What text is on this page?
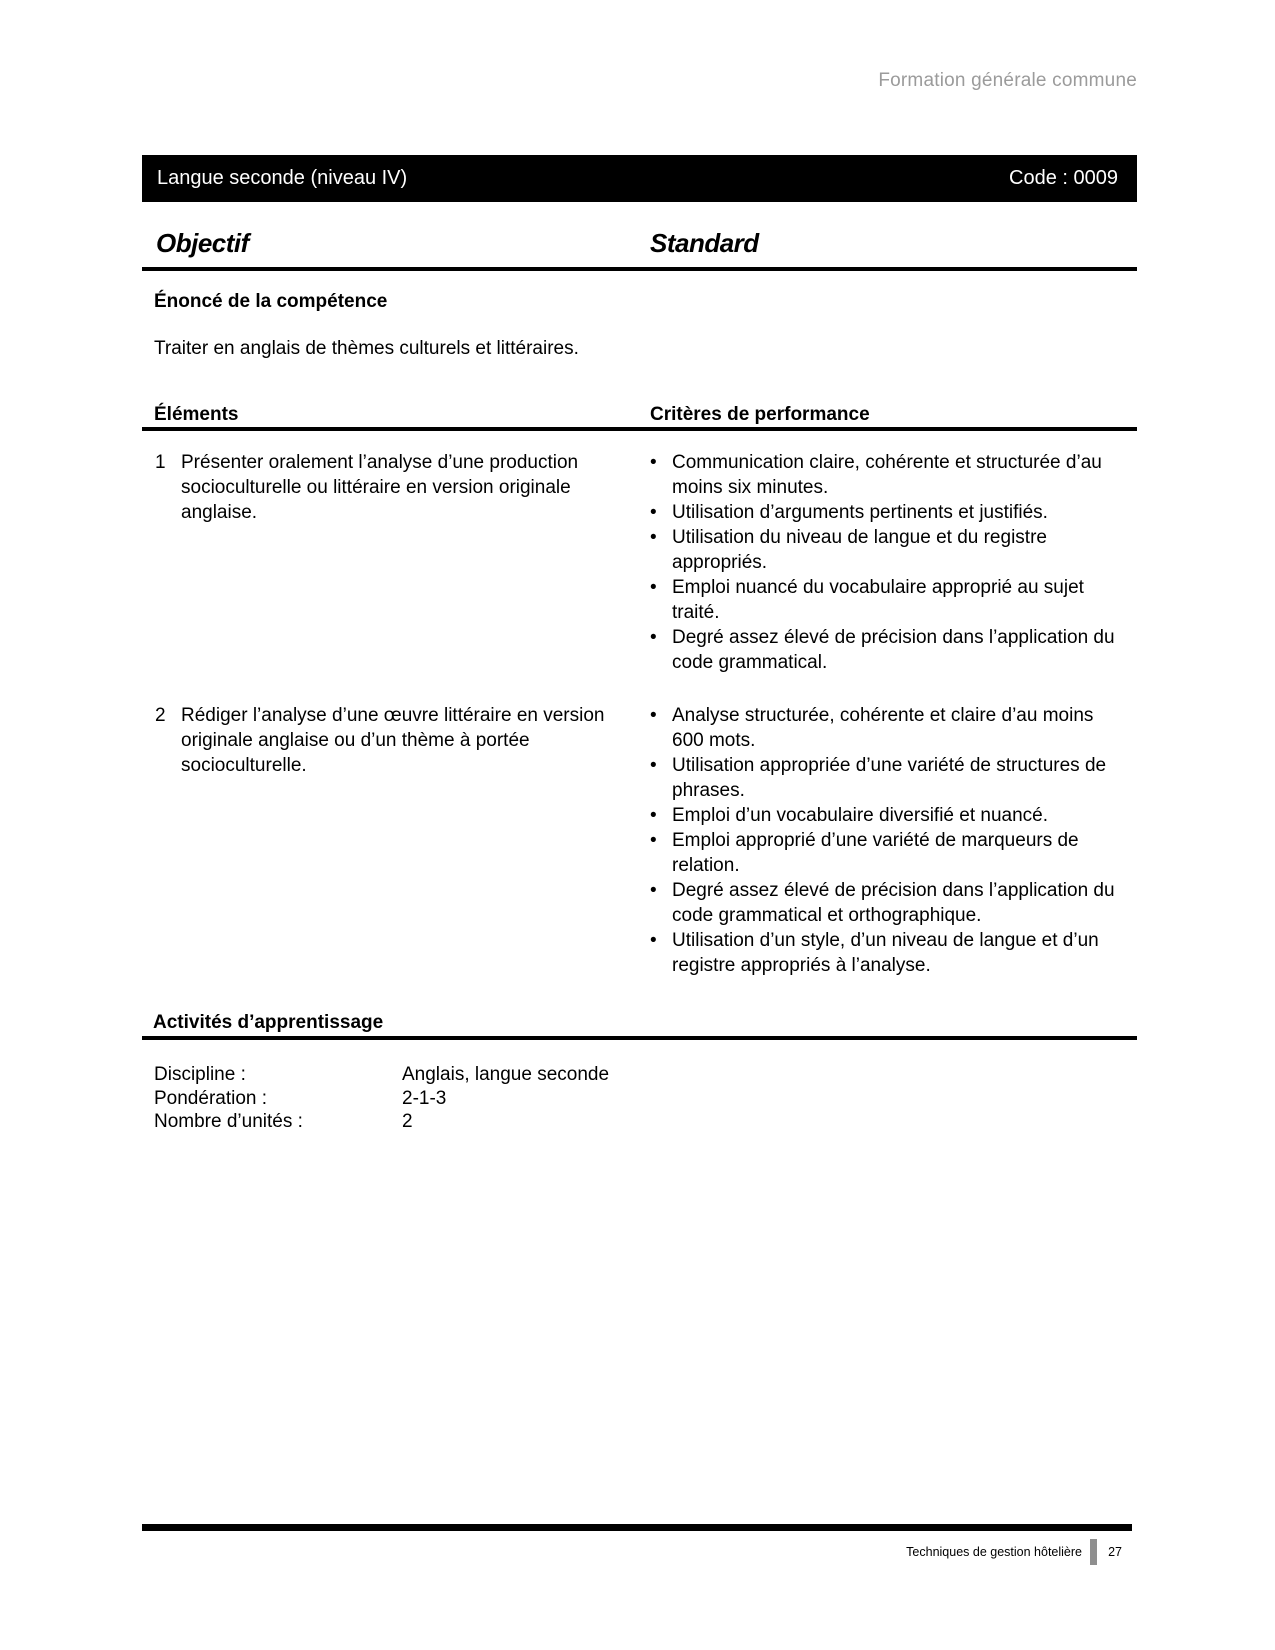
Formation générale commune
Langue seconde (niveau IV)	Code : 0009
Objectif	Standard
Énoncé de la compétence
Traiter en anglais de thèmes culturels et littéraires.
Éléments	Critères de performance
1 Présenter oralement l’analyse d’une production socioculturelle ou littéraire en version originale anglaise.
• Communication claire, cohérente et structurée d’au moins six minutes.
• Utilisation d’arguments pertinents et justifiés.
• Utilisation du niveau de langue et du registre appropriés.
• Emploi nuancé du vocabulaire approprié au sujet traité.
• Degré assez élevé de précision dans l’application du code grammatical.
2 Rédiger l’analyse d’une œuvre littéraire en version originale anglaise ou d’un thème à portée socioculturelle.
• Analyse structurée, cohérente et claire d’au moins 600 mots.
• Utilisation appropriée d’une variété de structures de phrases.
• Emploi d’un vocabulaire diversifié et nuancé.
• Emploi approprié d’une variété de marqueurs de relation.
• Degré assez élevé de précision dans l’application du code grammatical et orthographique.
• Utilisation d’un style, d’un niveau de langue et d’un registre appropriés à l’analyse.
Activités d’apprentissage
Discipline :	Anglais, langue seconde
Pondération :	2-1-3
Nombre d’unités :	2
Techniques de gestion hôtelière 27
